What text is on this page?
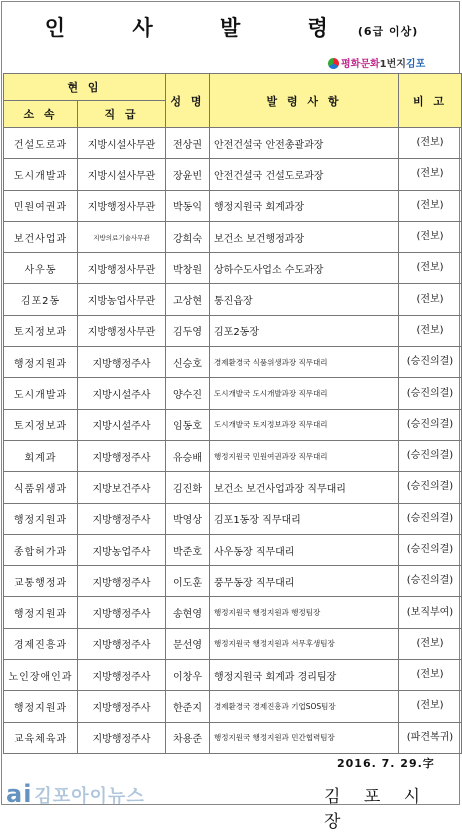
인 사 발 령(6급 이상)
평화문화1번지김포
현 임		성 명	발 령 사 항	비 고
소 속	직 급			
건설도로과	지방시설사무관	전상권	안전건설국 안전총괄과장	(전보)
도시개발과	지방시설사무관	장윤빈	안전건설국 건설도로과장	(전보)
민원여권과	지방행정사무관	박동익	행정지원국 회계과장	(전보)
보건사업과	지방의료기술사무관	강희숙	보건소 보건행정과장	(전보)
사우동	지방행정사무관	박창원	상하수도사업소 수도과장	(전보)
김포2동	지방농업사무관	고상현	통진읍장	(전보)
토지정보과	지방행정사무관	김두영	김포2동장	(전보)
행정지원과	지방행정주사	신승호	경제환경국 식품위생과장 직무대리	(승진의결)
도시개발과	지방시설주사	양수진	도시개발국 도시개발과장 직무대리	(승진의결)
토지정보과	지방시설주사	임동호	도시개발국 토지정보과장 직무대리	(승진의결)
회계과	지방행정주사	유승배	행정지원국 민원여권과장 직무대리	(승진의결)
식품위생과	지방보건주사	김진화	보건소 보건사업과장 직무대리	(승진의결)
행정지원과	지방행정주사	박영상	김포1동장 직무대리	(승진의결)
종합허가과	지방농업주사	박준호	사우동장 직무대리	(승진의결)
교통행정과	지방행정주사	이도훈	풍무동장 직무대리	(승진의결)
행정지원과	지방행정주사	송현영	행정지원국 행정지원과 행정팀장	(보직부여)
경제진흥과	지방행정주사	문선영	행정지원국 행정지원과 서무후생팀장	(전보)
노인장애인과	지방행정주사	이창우	행정지원국 회계과 경리팀장	(전보)
행정지원과	지방행정주사	한준지	경제환경국 경제진흥과 기업SOS팀장	(전보)
교육체육과	지방행정주사	차용준	행정지원국 행정지원과 민간협력팀장	(파견복귀)
2016. 7. 29.字
김 포 시 장
ai 김포아이뉴스
